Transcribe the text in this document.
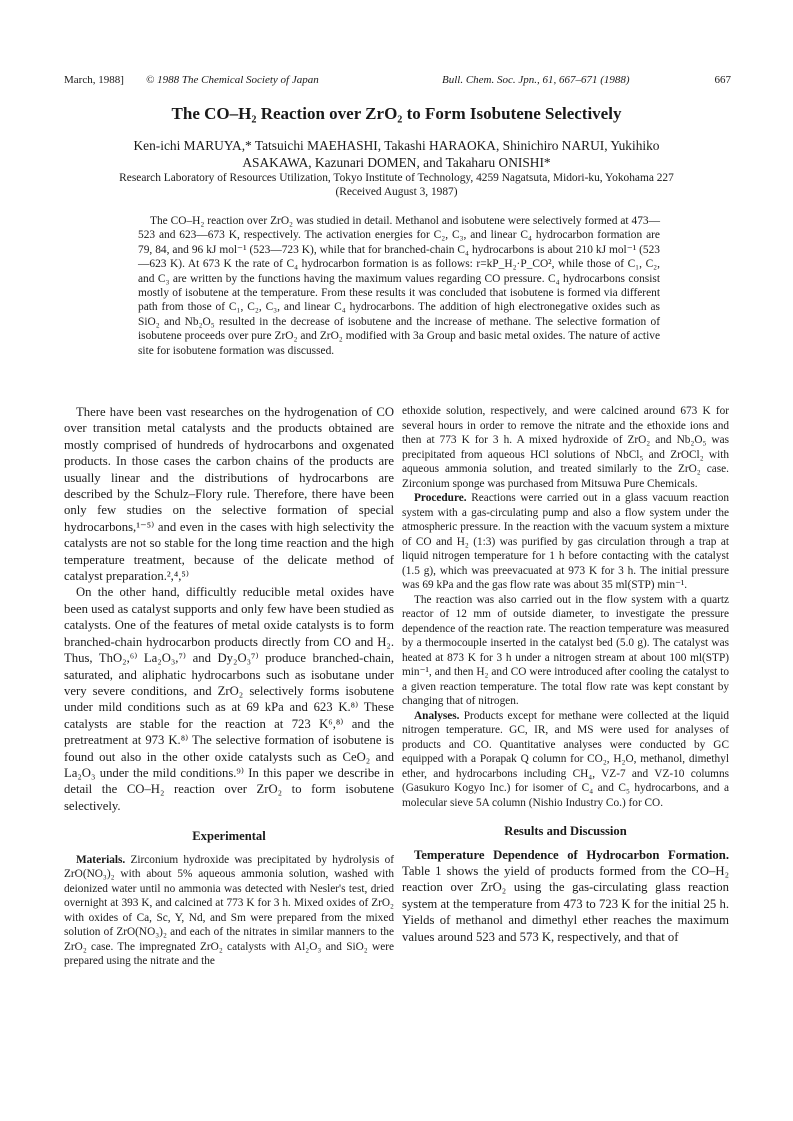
March, 1988] © 1988 The Chemical Society of Japan	Bull. Chem. Soc. Jpn., 61, 667–671 (1988)	667
The CO–H₂ Reaction over ZrO₂ to Form Isobutene Selectively
Ken-ichi MARUYA,* Tatsuichi MAEHASHI, Takashi HARAOKA, Shinichiro NARUI, Yukihiko ASAKAWA, Kazunari DOMEN, and Takaharu ONISHI*
Research Laboratory of Resources Utilization, Tokyo Institute of Technology, 4259 Nagatsuta, Midori-ku, Yokohama 227
(Received August 3, 1987)

The CO–H₂ reaction over ZrO₂ was studied in detail. Methanol and isobutene were selectively formed at 473—523 and 623—673 K, respectively. The activation energies for C₂, C₃, and linear C₄ hydrocarbon formation are 79, 84, and 96 kJ mol⁻¹ (523—723 K), while that for branched-chain C₄ hydrocarbons is about 210 kJ mol⁻¹ (523—623 K). At 673 K the rate of C₄ hydrocarbon formation is as follows: r=kP_H₂·P_CO², while those of C₁, C₂, and C₃ are written by the functions having the maximum values regarding CO pressure. C₄ hydrocarbons consist mostly of isobutene at the temperature. From these results it was concluded that isobutene is formed via different path from those of C₁, C₂, C₃, and linear C₄ hydrocarbons. The addition of high electronegative oxides such as SiO₂ and Nb₂O₅ resulted in the decrease of isobutene and the increase of methane. The selective formation of isobutene proceeds over pure ZrO₂ and ZrO₂ modified with 3a Group and basic metal oxides. The nature of active site for isobutene formation was discussed.

There have been vast researches on the hydrogenation of CO over transition metal catalysts and the products obtained are mostly comprised of hundreds of hydrocarbons and oxgenated products. In those cases the carbon chains of the products are usually linear and the distributions of hydrocarbons are described by the Schulz–Flory rule. Therefore, there have been only few studies on the selective formation of special hydrocarbons,¹⁻⁵⁾ and even in the cases with high selectivity the catalysts are not so stable for the long time reaction and the high temperature treatment, because of the delicate method of catalyst preparation.²,⁴,⁵⁾

On the other hand, difficultly reducible metal oxides have been used as catalyst supports and only few have been studied as catalysts. One of the features of metal oxide catalysts is to form branched-chain hydrocarbon products directly from CO and H₂. Thus, ThO₂,⁶⁾ La₂O₃,⁷⁾ and Dy₂O₃⁷⁾ produce branched-chain, saturated, and aliphatic hydrocarbons such as isobutane under very severe conditions, and ZrO₂ selectively forms isobutene under mild conditions such as at 69 kPa and 623 K.⁸⁾ These catalysts are stable for the reaction at 723 K⁶,⁸⁾ and the pretreatment at 973 K.⁸⁾ The selective formation of isobutene is found out also in the other oxide catalysts such as CeO₂ and La₂O₃ under the mild conditions.⁹⁾ In this paper we describe in detail the CO–H₂ reaction over ZrO₂ to form isobutene selectively.

Experimental

Materials. Zirconium hydroxide was precipitated by hydrolysis of ZrO(NO₃)₂ with about 5% aqueous ammonia solution, washed with deionized water until no ammonia was detected with Nesler's test, dried overnight at 393 K, and calcined at 773 K for 3 h. Mixed oxides of ZrO₂ with oxides of Ca, Sc, Y, Nd, and Sm were prepared from the mixed solution of ZrO(NO₃)₂ and each of the nitrates in similar manners to the ZrO₂ case. The impregnated ZrO₂ catalysts with Al₂O₃ and SiO₂ were prepared using the nitrate and the

ethoxide solution, respectively, and were calcined around 673 K for several hours in order to remove the nitrate and the ethoxide ions and then at 773 K for 3 h. A mixed hydroxide of ZrO₂ and Nb₂O₅ was precipitated from aqueous HCl solutions of NbCl₅ and ZrOCl₂ with aqueous ammonia solution, and treated similarly to the ZrO₂ case. Zirconium sponge was purchased from Mitsuwa Pure Chemicals.

Procedure. Reactions were carried out in a glass vacuum reaction system with a gas-circulating pump and also a flow system under the atmospheric pressure. In the reaction with the vacuum system a mixture of CO and H₂ (1:3) was purified by gas circulation through a trap at liquid nitrogen temperature for 1 h before contacting with the catalyst (1.5 g), which was preevacuated at 973 K for 3 h. The initial pressure was 69 kPa and the gas flow rate was about 35 ml(STP) min⁻¹.

The reaction was also carried out in the flow system with a quartz reactor of 12 mm of outside diameter, to investigate the pressure dependence of the reaction rate. The reaction temperature was measured by a thermocouple inserted in the catalyst bed (5.0 g). The catalyst was heated at 873 K for 3 h under a nitrogen stream at about 100 ml(STP) min⁻¹, and then H₂ and CO were introduced after cooling the catalyst to a given reaction temperature. The total flow rate was kept constant by changing that of nitrogen.

Analyses. Products except for methane were collected at the liquid nitrogen temperature. GC, IR, and MS were used for analyses of products and CO. Quantitative analyses were conducted by GC equipped with a Porapak Q column for CO₂, H₂O, methanol, dimethyl ether, and hydrocarbons including CH₄, VZ-7 and VZ-10 columns (Gasukuro Kogyo Inc.) for isomer of C₄ and C₅ hydrocarbons, and a molecular sieve 5A column (Nishio Industry Co.) for CO.

Results and Discussion

Temperature Dependence of Hydrocarbon Formation. Table 1 shows the yield of products formed from the CO–H₂ reaction over ZrO₂ using the gas-circulating glass reaction system at the temperature from 473 to 723 K for the initial 25 h. Yields of methanol and dimethyl ether reaches the maximum values around 523 and 573 K, respectively, and that of
